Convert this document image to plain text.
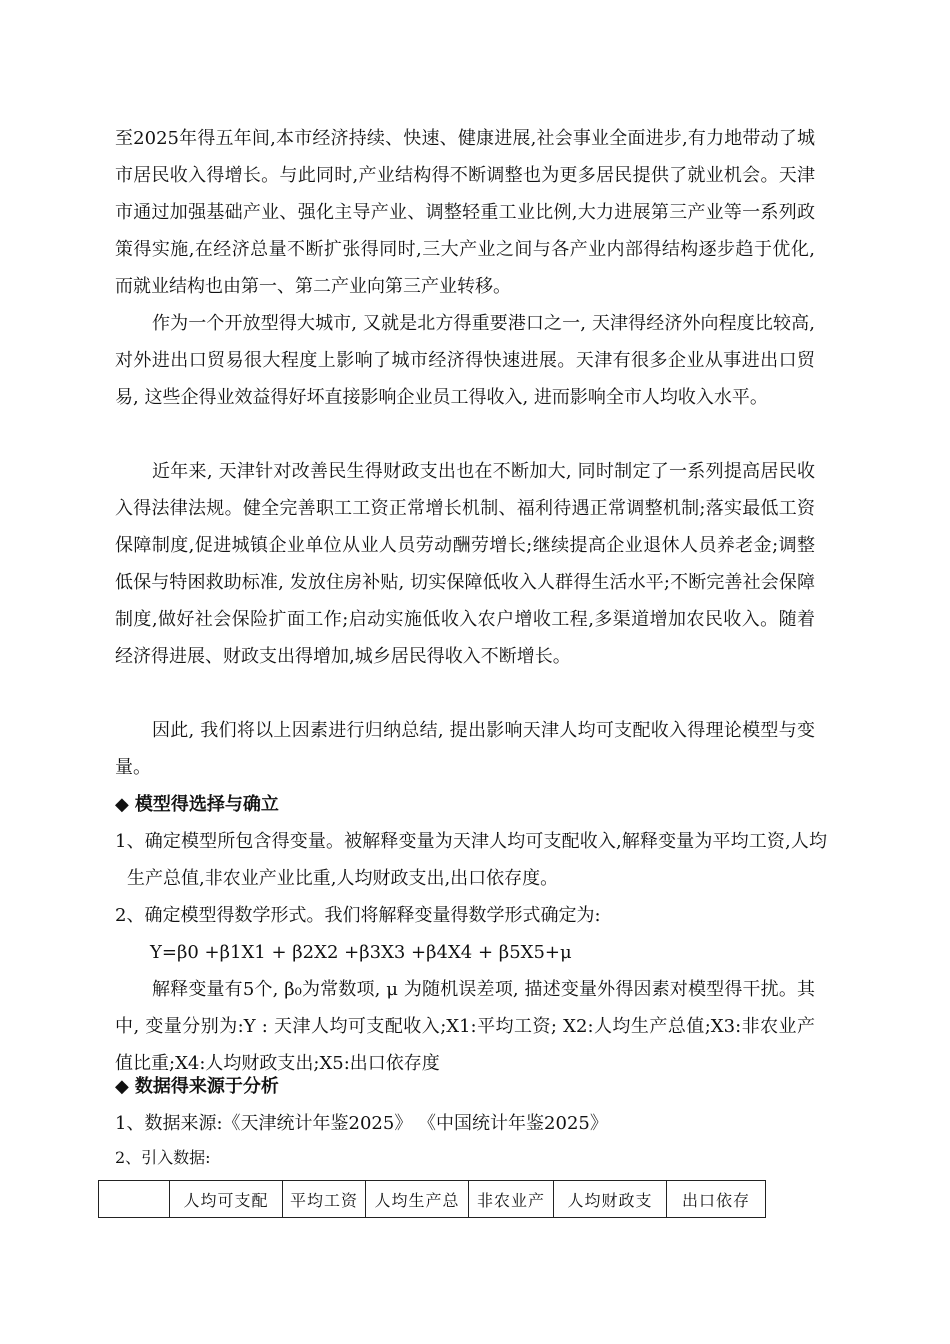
至2025年得五年间,本市经济持续、快速、健康进展,社会事业全面进步,有力地带动了城市居民收入得增长。与此同时,产业结构得不断调整也为更多居民提供了就业机会。天津市通过加强基础产业、强化主导产业、调整轻重工业比例,大力进展第三产业等一系列政策得实施,在经济总量不断扩张得同时,三大产业之间与各产业内部得结构逐步趋于优化,而就业结构也由第一、第二产业向第三产业转移。

作为一个开放型得大城市, 又就是北方得重要港口之一, 天津得经济外向程度比较高, 对外进出口贸易很大程度上影响了城市经济得快速进展。天津有很多企业从事进出口贸易, 这些企得业效益得好坏直接影响企业员工得收入, 进而影响全市人均收入水平。

近年来, 天津针对改善民生得财政支出也在不断加大, 同时制定了一系列提高居民收入得法律法规。健全完善职工工资正常增长机制、福利待遇正常调整机制;落实最低工资保障制度,促进城镇企业单位从业人员劳动酬劳增长;继续提高企业退休人员养老金;调整低保与特困救助标准, 发放住房补贴, 切实保障低收入人群得生活水平;不断完善社会保障制度,做好社会保险扩面工作;启动实施低收入农户增收工程,多渠道增加农民收入。随着经济得进展、财政支出得增加,城乡居民得收入不断增长。

因此, 我们将以上因素进行归纳总结, 提出影响天津人均可支配收入得理论模型与变量。

◆ 模型得选择与确立

1、确定模型所包含得变量。被解释变量为天津人均可支配收入,解释变量为平均工资,人均生产总值,非农业产业比重,人均财政支出,出口依存度。

2、确定模型得数学形式。我们将解释变量得数学形式确定为:

Y=β0 +β1X1 + β2X2 +β3X3 +β4X4 + β5X5+μ

解释变量有5个, β₀为常数项, μ 为随机误差项, 描述变量外得因素对模型得干扰。其中, 变量分别为:Y : 天津人均可支配收入;X1:平均工资; X2:人均生产总值;X3:非农业产值比重;X4:人均财政支出;X5:出口依存度

◆ 数据得来源于分析

1、数据来源:《天津统计年鉴2025》 《中国统计年鉴2025》

2、引入数据:

	人均可支配	平均工资	人均生产总	非农业产	人均财政支	出口依存
